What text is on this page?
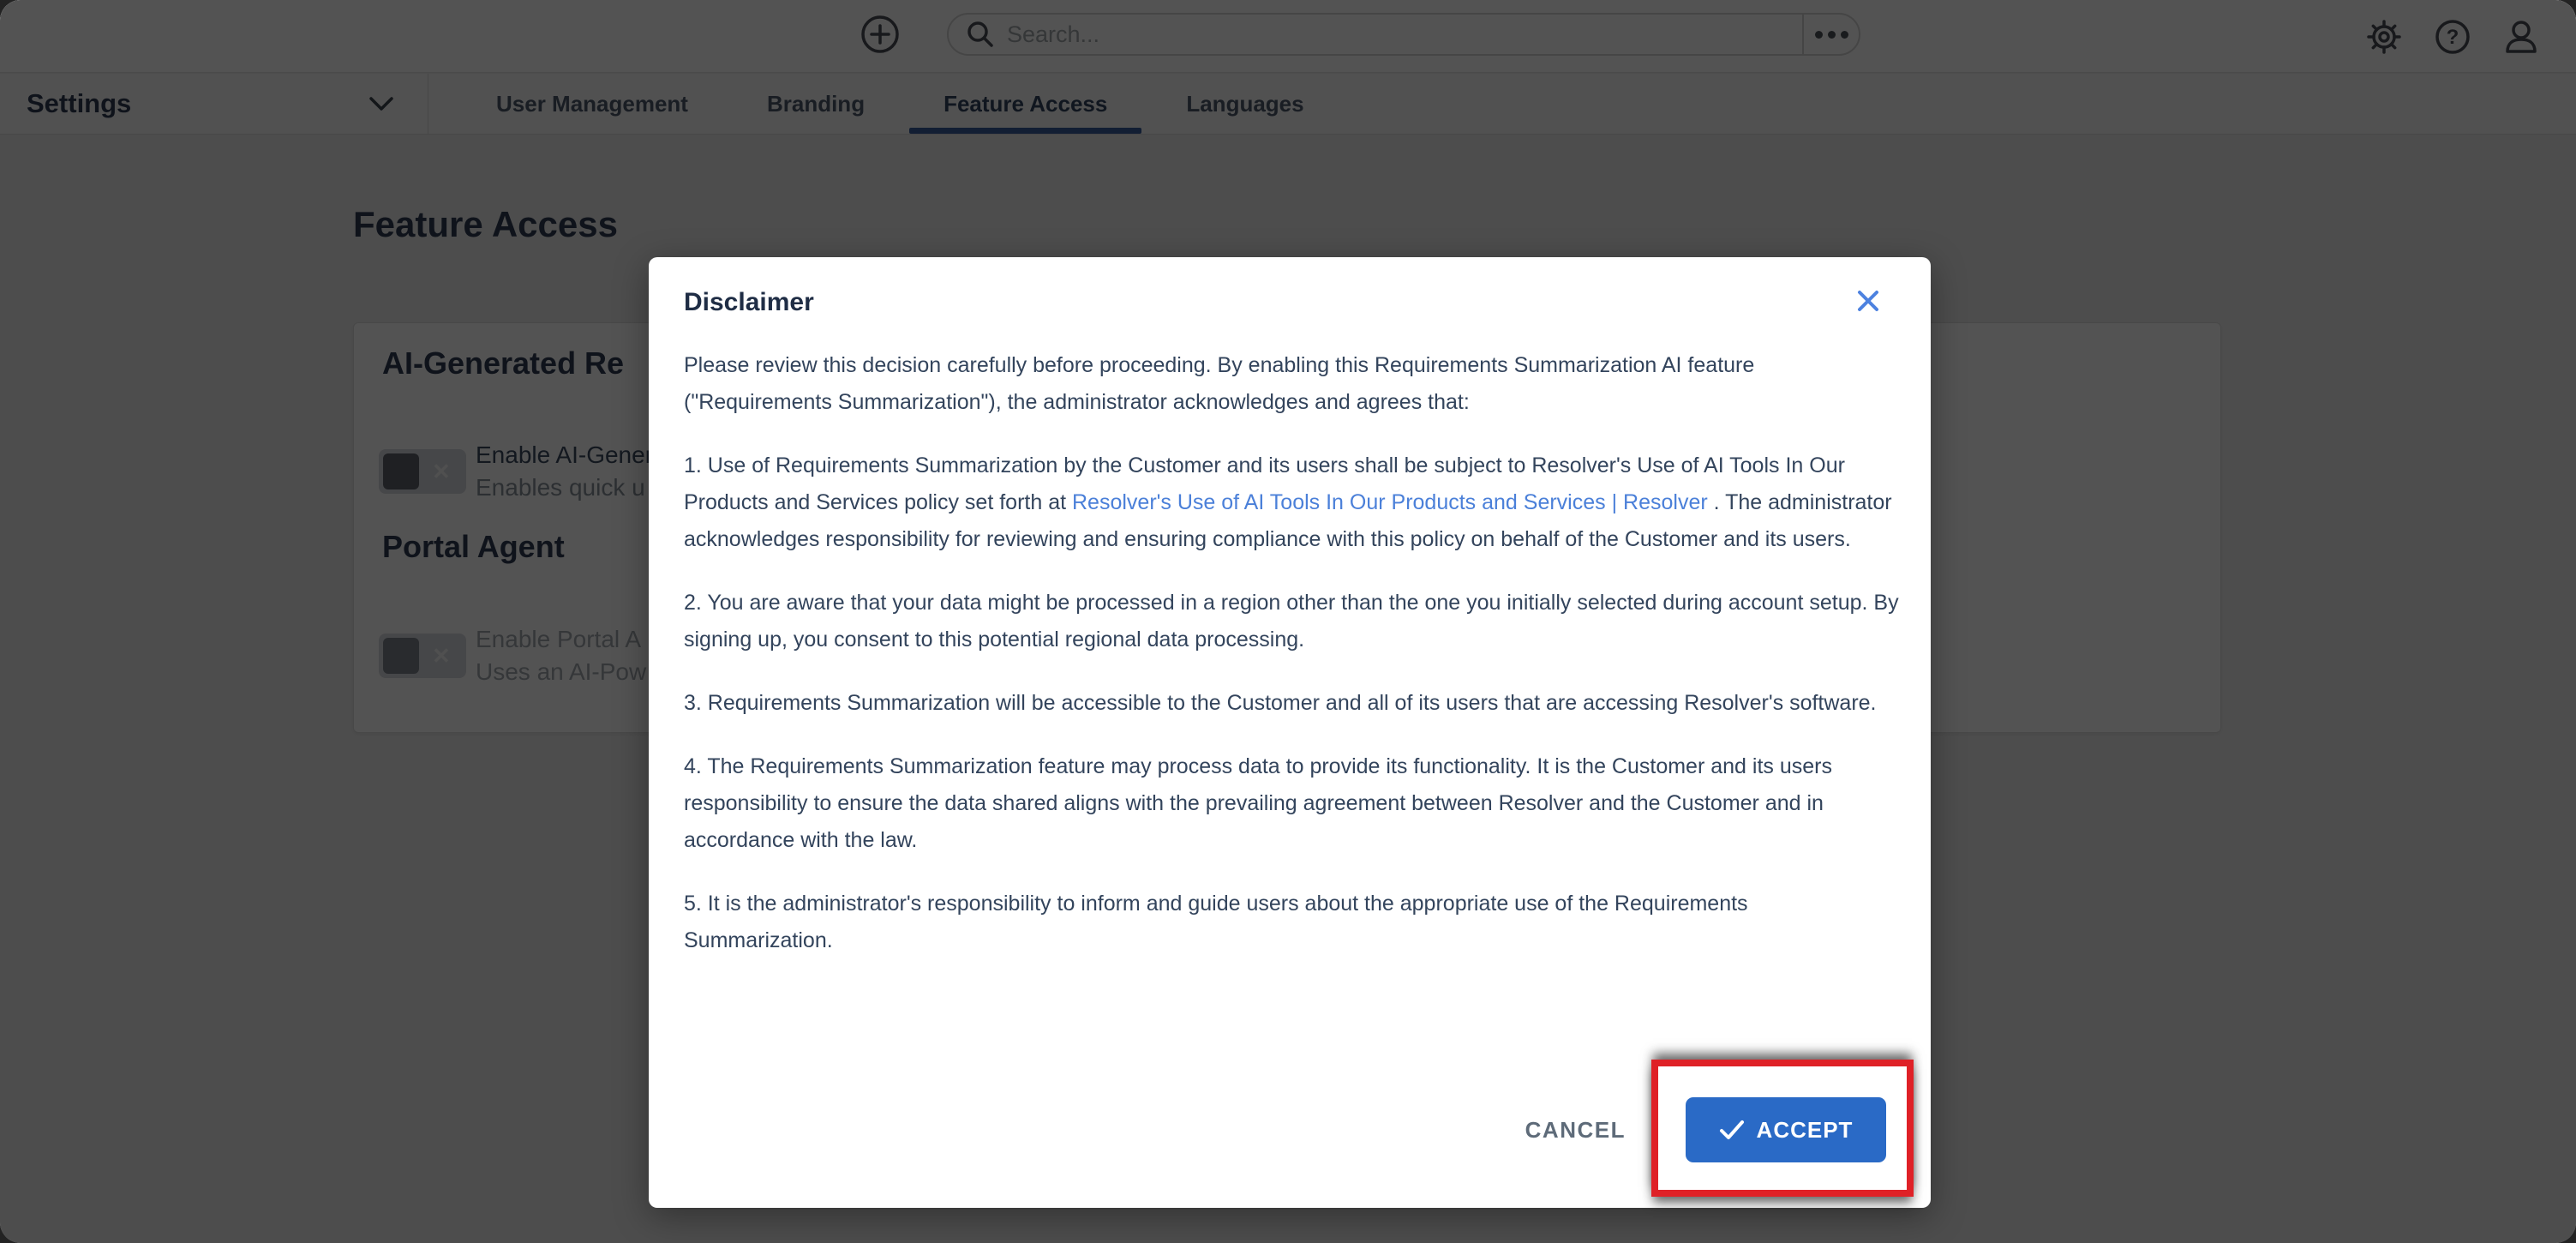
Search...
Disclaimer

Please review this decision carefully before proceeding. By enabling this Requirements Summarization AI feature ("Requirements Summarization"), the administrator acknowledges and agrees that:

1. Use of Requirements Summarization by the Customer and its users shall be subject to Resolver's Use of AI Tools In Our Products and Services policy set forth at Resolver's Use of AI Tools In Our Products and Services | Resolver . The administrator acknowledges responsibility for reviewing and ensuring compliance with this policy on behalf of the Customer and its users.

2. You are aware that your data might be processed in a region other than the one you initially selected during account setup. By signing up, you consent to this potential regional data processing.

3. Requirements Summarization will be accessible to the Customer and all of its users that are accessing Resolver's software.

4. The Requirements Summarization feature may process data to provide its functionality. It is the Customer and its users responsibility to ensure the data shared aligns with the prevailing agreement between Resolver and the Customer and in accordance with the law.

5. It is the administrator's responsibility to inform and guide users about the appropriate use of the Requirements Summarization.

CANCEL	ACCEPT
